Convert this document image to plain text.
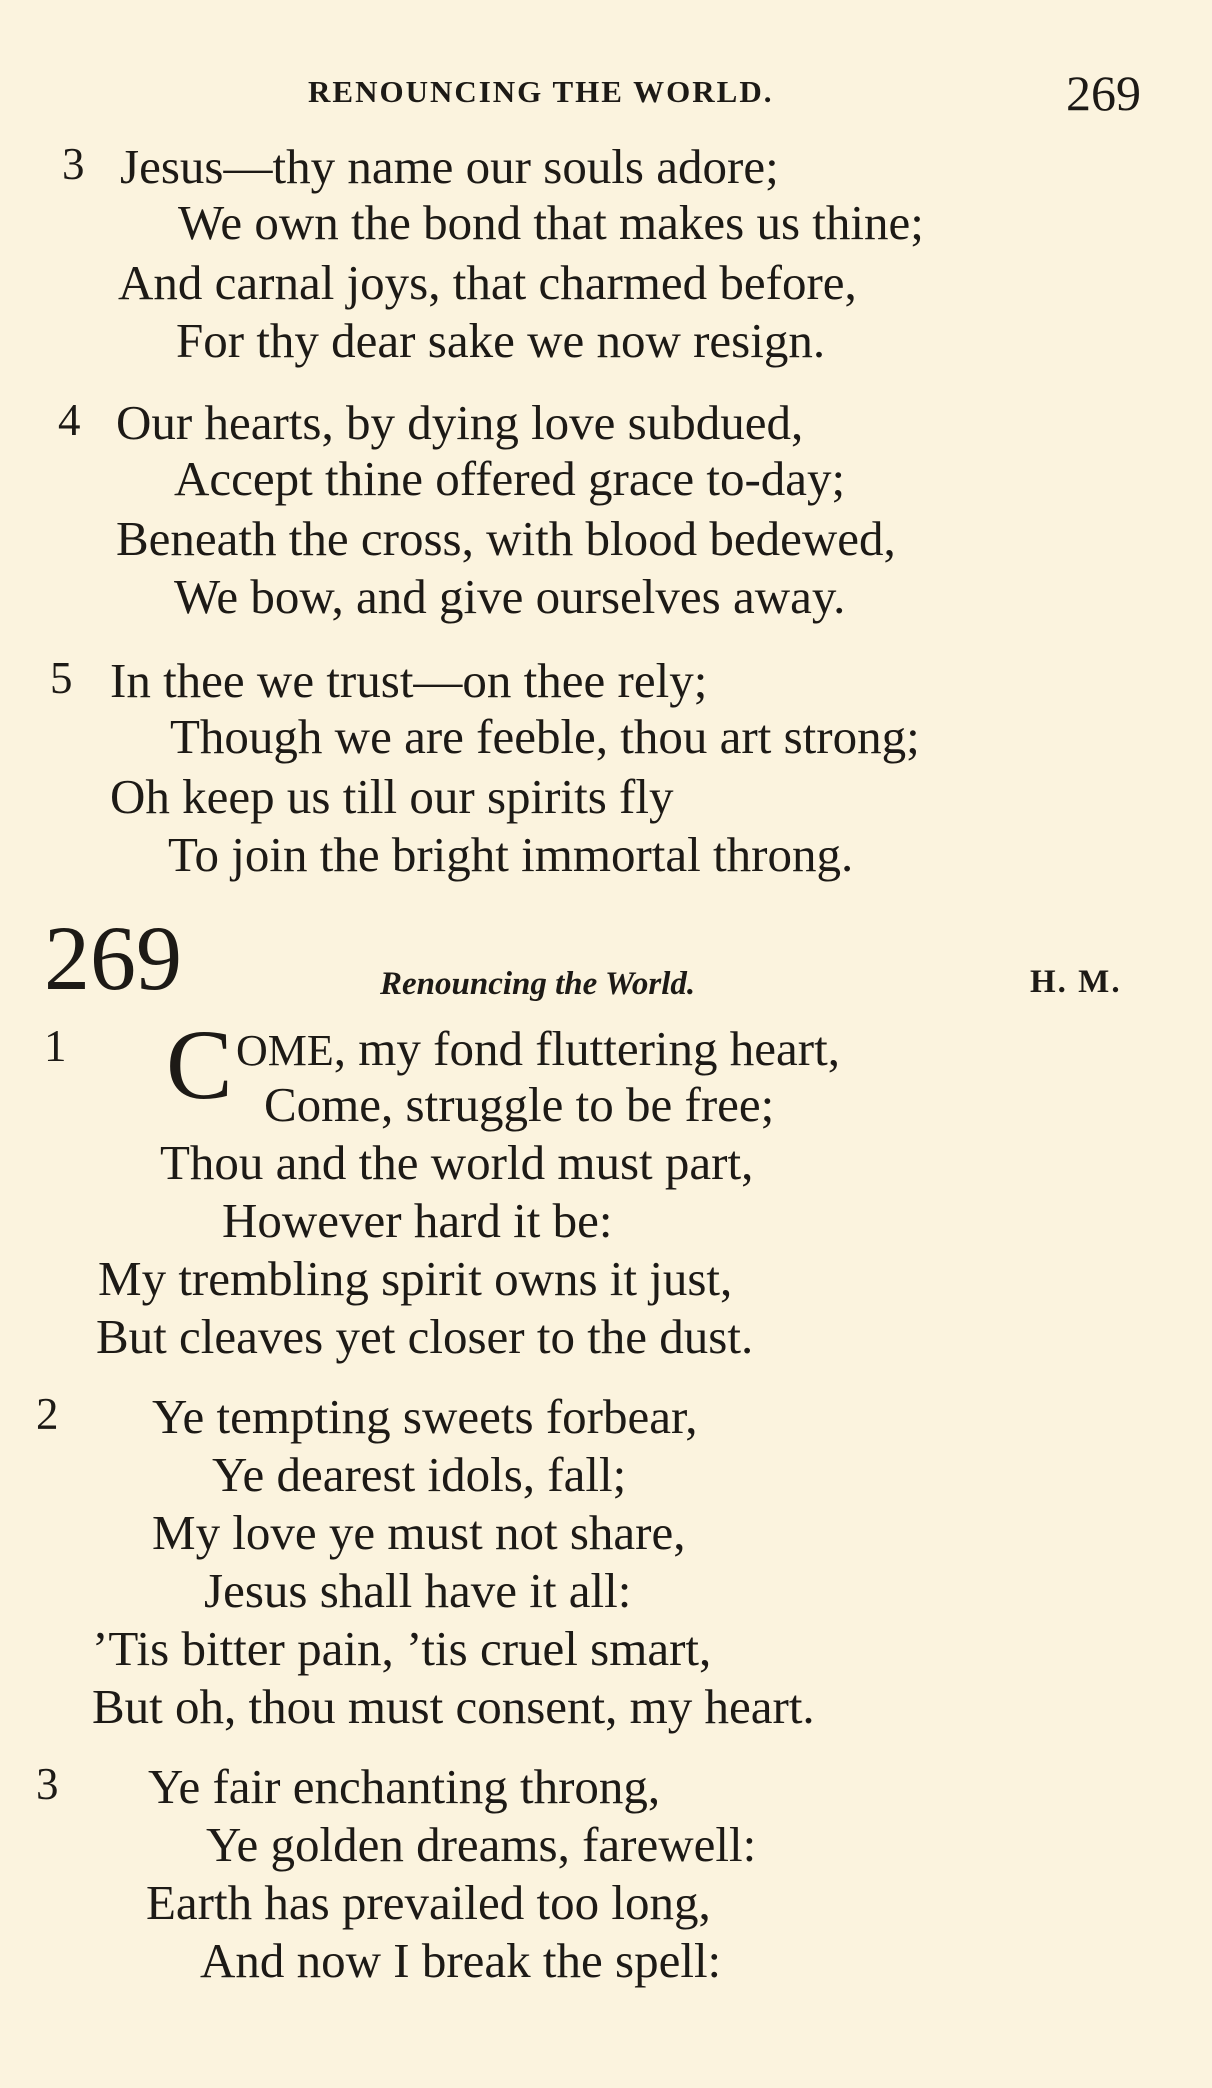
RENOUNCING THE WORLD.	269
3 Jesus—thy name our souls adore;
We own the bond that makes us thine;
And carnal joys, that charmed before,
For thy dear sake we now resign.
4 Our hearts, by dying love subdued,
Accept thine offered grace to-day;
Beneath the cross, with blood bedewed,
We bow, and give ourselves away.
5 In thee we trust—on thee rely;
Though we are feeble, thou art strong;
Oh keep us till our spirits fly
To join the bright immortal throng.
269	Renouncing the World.	H. M.
1 C OME, my fond fluttering heart,
Come, struggle to be free;
Thou and the world must part,
However hard it be:
My trembling spirit owns it just,
But cleaves yet closer to the dust.
2 Ye tempting sweets forbear,
Ye dearest idols, fall;
My love ye must not share,
Jesus shall have it all:
’Tis bitter pain, ’tis cruel smart,
But oh, thou must consent, my heart.
3 Ye fair enchanting throng,
Ye golden dreams, farewell:
Earth has prevailed too long,
And now I break the spell:
